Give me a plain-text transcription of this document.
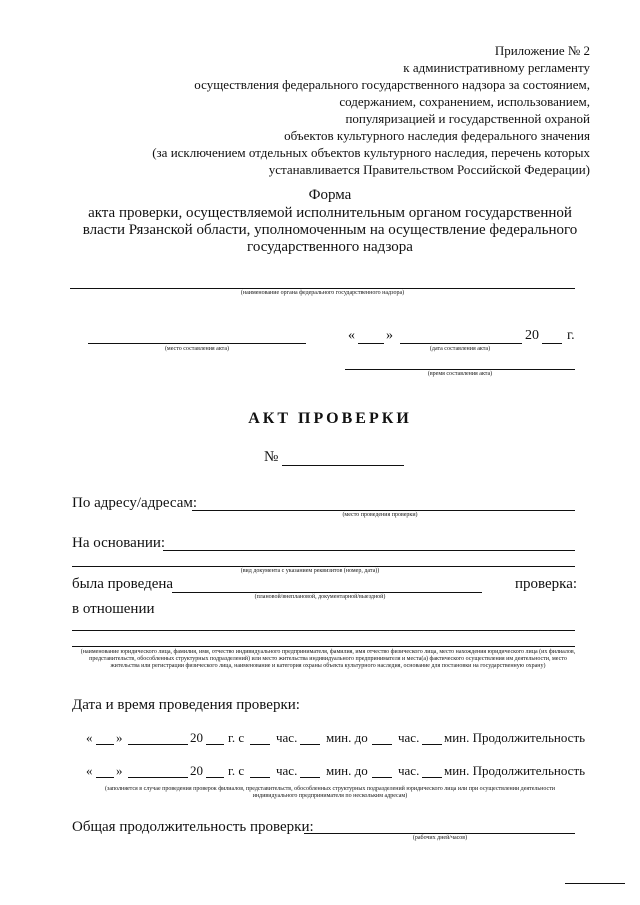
Приложение № 2
к административному регламенту
осуществления федерального государственного надзора за состоянием,
содержанием, сохранением, использованием,
популяризацией и государственной охраной
объектов культурного наследия федерального значения
(за исключением отдельных объектов культурного наследия, перечень которых
устанавливается Правительством Российской Федерации)
Форма
акта проверки, осуществляемой исполнительным органом государственной
власти Рязанской области, уполномоченным на осуществление федерального
государственного надзора
(наименование органа федерального государственного надзора)
(место составления акта)
« »	20 г.
(дата составления акта)
(время составления акта)
АКТ ПРОВЕРКИ
№
По адресу/адресам:
(место проведения проверки)
На основании:
(вид документа с указанием реквизитов (номер, дата))
была проведена	проверка:
(плановой/внеплановой, документарной/выездной)
в отношении
(наименование юридического лица, фамилия, имя, отчество индивидуального предпринимателя, фамилия, имя отчество физического лица, место нахождения юридического лица (их филиалов, представительств, обособленных структурных подразделений) или место жительства индивидуального предпринимателя и места(а) фактического осуществления им деятельности, место жительства или регистрации физического лица, наименование и категория охраны объекта культурного наследия, основание для постановки на государственную охрану)
Дата и время проведения проверки:
« »	20 г. с час. мин. до час. мин. Продолжительность
« »	20 г. с час. мин. до час. мин. Продолжительность
(заполняется в случае проведения проверок филиалов, представительств, обособленных структурных подразделений юридического лица или при осуществлении деятельности индивидуального предпринимателя по нескольким адресам)
Общая продолжительность проверки:
(рабочих дней/часов)
